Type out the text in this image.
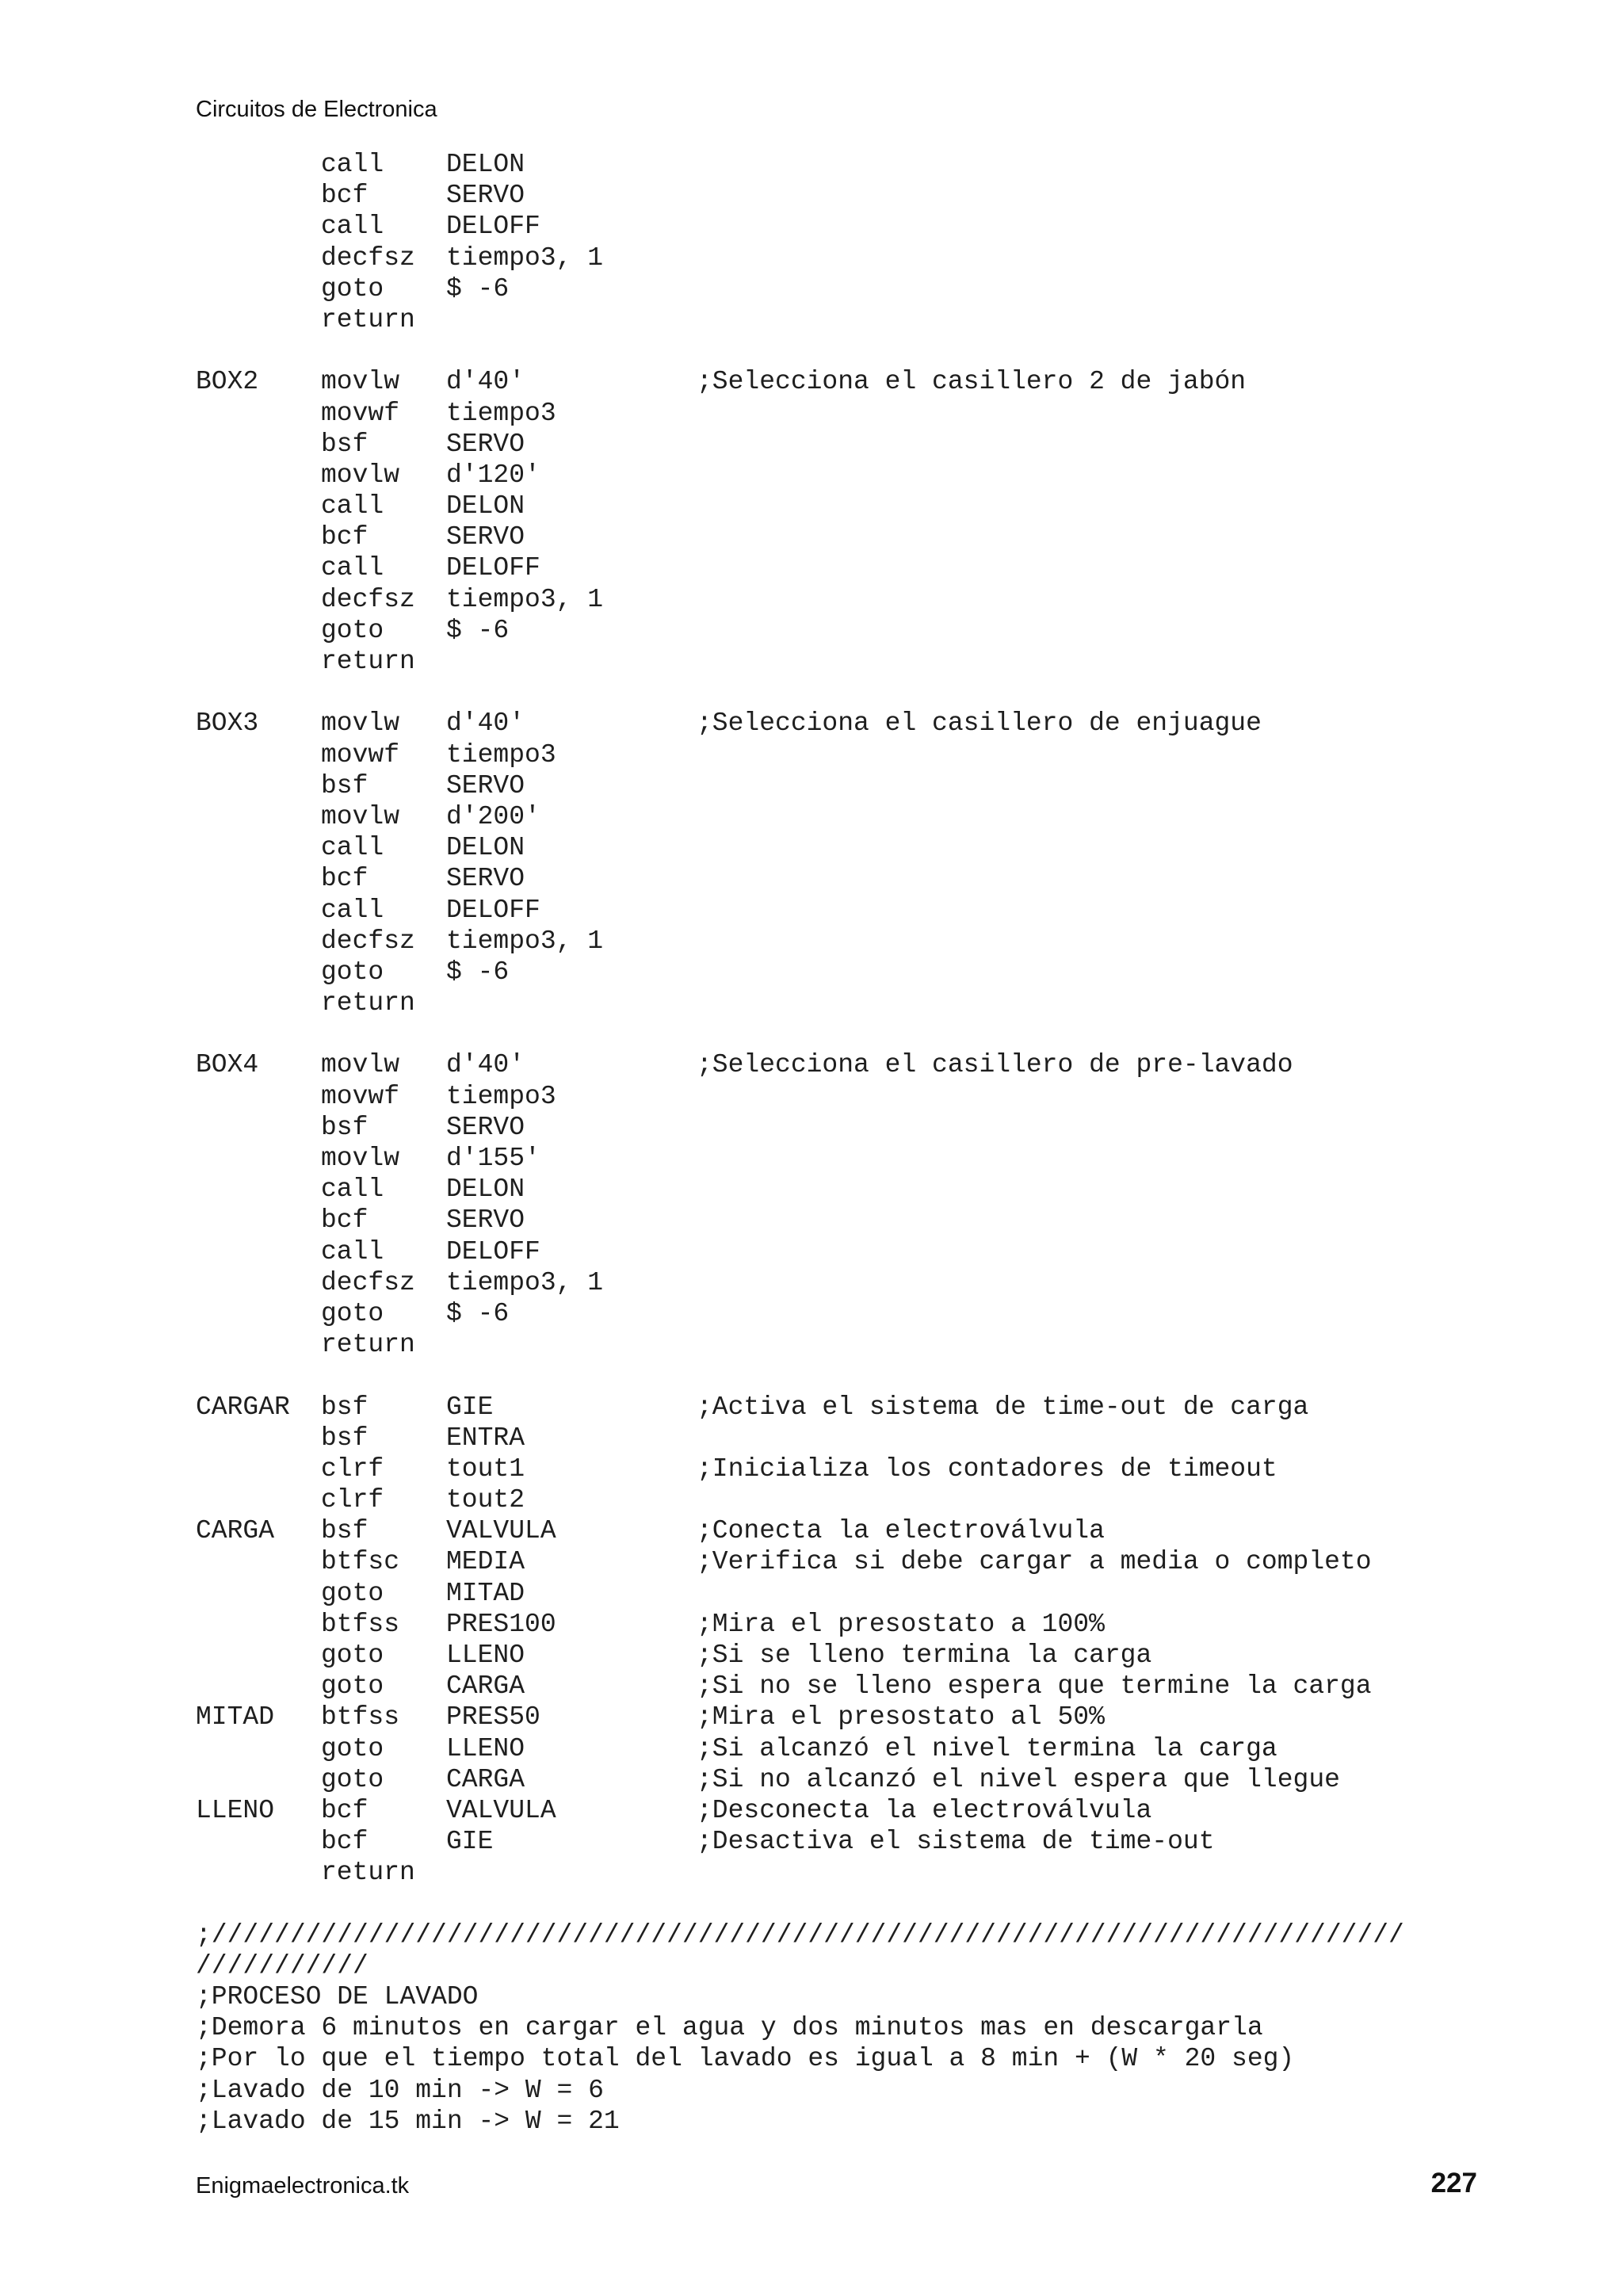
Circuitos de Electronica
call DELON
bcf	SERVO
call DELOFF
decfsz tiempo3, 1
goto $ -6
return
BOX2 movlw d'40'	;Selecciona el casillero 2 de jabón
movwf tiempo3
bsf	SERVO
movlw d'120'
call DELON
bcf	SERVO
call DELOFF
decfsz tiempo3, 1
goto $ -6
return
BOX3 movlw d'40'	;Selecciona el casillero de enjuague
movwf tiempo3
bsf	SERVO
movlw d'200'
call DELON
bcf	SERVO
call DELOFF
decfsz tiempo3, 1
goto $ -6
return
BOX4 movlw d'40'	;Selecciona el casillero de pre-lavado
movwf tiempo3
bsf	SERVO
movlw d'155'
call DELON
bcf	SERVO
call DELOFF
decfsz tiempo3, 1
goto $ -6
return
CARGAR bsf	GIE	;Activa el sistema de time-out de carga
bsf	ENTRA
clrf tout1	;Inicializa los contadores de timeout
clrf tout2
CARGA bsf	VALVULA	;Conecta la electroválvula
btfsc MEDIA	;Verifica si debe cargar a media o completo
goto MITAD
btfss PRES100	;Mira el presostato a 100%
goto LLENO	;Si se lleno termina la carga
goto CARGA	;Si no se lleno espera que termine la carga
MITAD btfss PRES50	;Mira el presostato al 50%
goto LLENO	;Si alcanzó el nivel termina la carga
goto CARGA	;Si no alcanzó el nivel espera que llegue
LLENO bcf	VALVULA	;Desconecta la electroválvula
bcf	GIE	;Desactiva el sistema de time-out
return
;////////////////////////////////////////////////////////////////////////////
///////////
;PROCESO DE LAVADO
;Demora 6 minutos en cargar el agua y dos minutos mas en descargarla
;Por lo que el tiempo total del lavado es igual a 8 min + (W * 20 seg)
;Lavado de 10 min -> W = 6
;Lavado de 15 min -> W = 21
Enigmaelectronica.tk	227
